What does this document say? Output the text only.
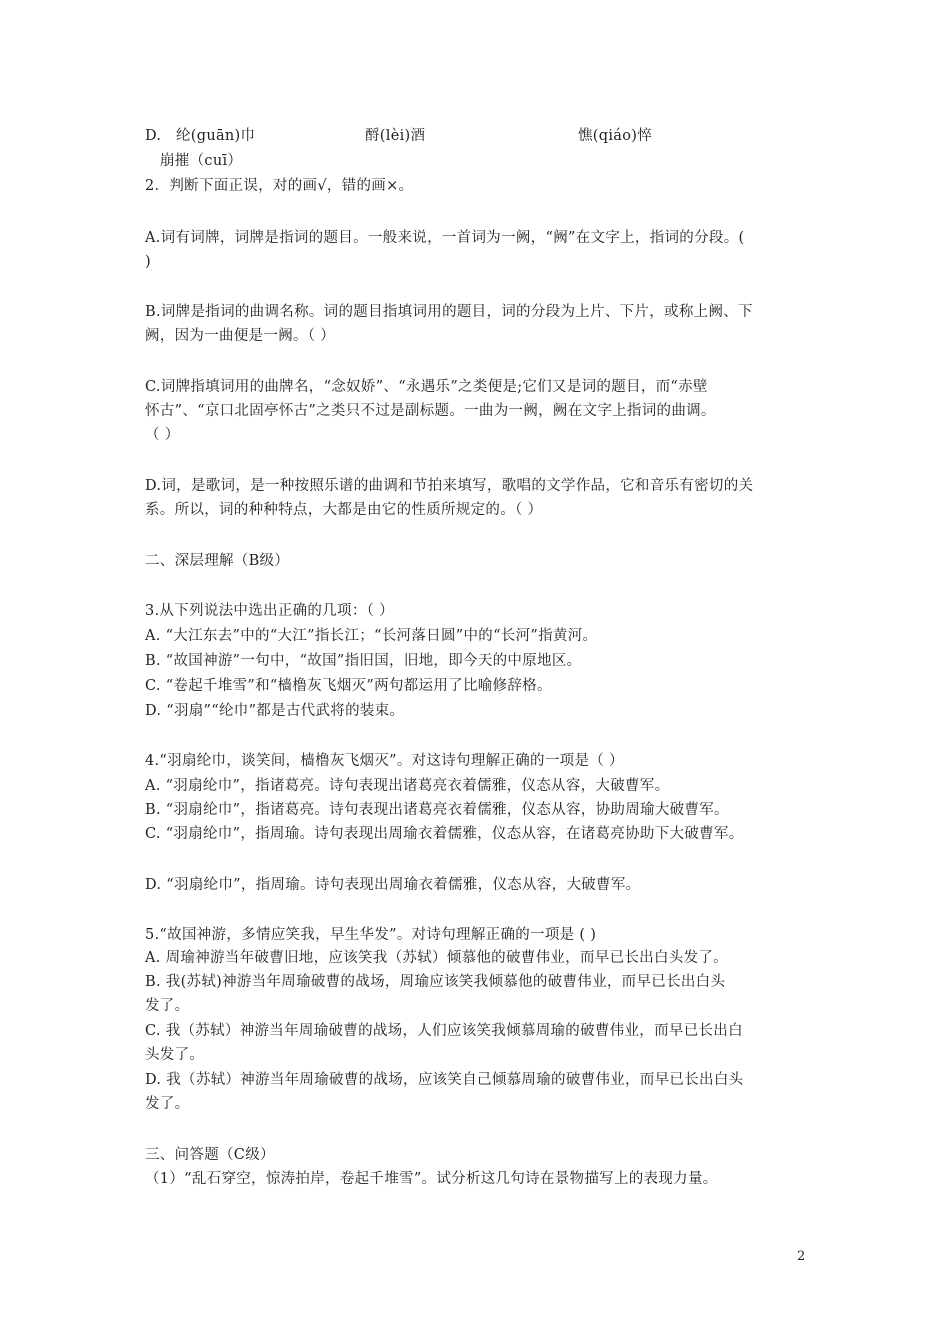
D. 纶(guān)巾	酹(lèi)酒	憔(qiáo)悴
崩摧（cuī）
2．判断下面正误，对的画√，错的画×。
A.词有词牌，词牌是指词的题目。一般来说，一首词为一阙，“阙”在文字上，指词的分段。(
)
B.词牌是指词的曲调名称。词的题目指填词用的题目，词的分段为上片、下片，或称上阙、下
阙，因为一曲便是一阙。（ ）
C.词牌指填词用的曲牌名，“念奴娇”、“永遇乐”之类便是;它们又是词的题目，而“赤壁
怀古”、“京口北固亭怀古”之类只不过是副标题。一曲为一阙，阙在文字上指词的曲调。
（ ）
D.词，是歌词，是一种按照乐谱的曲调和节拍来填写，歌唱的文学作品，它和音乐有密切的关
系。所以，词的种种特点，大都是由它的性质所规定的。（ ）
二、深层理解（B级）
3.从下列说法中选出正确的几项：（ ）
A. “大江东去”中的“大江”指长江；“长河落日圆”中的“长河”指黄河。
B. “故国神游”一句中，“故国”指旧国，旧地，即今天的中原地区。
C. “卷起千堆雪”和“樯橹灰飞烟灭”两句都运用了比喻修辞格。
D. “羽扇”“纶巾”都是古代武将的装束。
4.“羽扇纶巾，谈笑间，樯橹灰飞烟灭”。对这诗句理解正确的一项是（ ）
A. “羽扇纶巾”，指诸葛亮。诗句表现出诸葛亮衣着儒雅，仪态从容，大破曹军。
B. “羽扇纶巾”，指诸葛亮。诗句表现出诸葛亮衣着儒雅，仪态从容，协助周瑜大破曹军。
C. “羽扇纶巾”，指周瑜。诗句表现出周瑜衣着儒雅，仪态从容，在诸葛亮协助下大破曹军。
D. “羽扇纶巾”，指周瑜。诗句表现出周瑜衣着儒雅，仪态从容，大破曹军。
5.“故国神游，多情应笑我，早生华发”。对诗句理解正确的一项是 ( )
A. 周瑜神游当年破曹旧地，应该笑我（苏轼）倾慕他的破曹伟业，而早已长出白头发了。
B. 我(苏轼)神游当年周瑜破曹的战场，周瑜应该笑我倾慕他的破曹伟业，而早已长出白头
发了。
C. 我（苏轼）神游当年周瑜破曹的战场，人们应该笑我倾慕周瑜的破曹伟业，而早已长出白
头发了。
D. 我（苏轼）神游当年周瑜破曹的战场，应该笑自己倾慕周瑜的破曹伟业，而早已长出白头
发了。
三、问答题（C级）
（1）“乱石穿空，惊涛拍岸，卷起千堆雪”。试分析这几句诗在景物描写上的表现力量。
2
